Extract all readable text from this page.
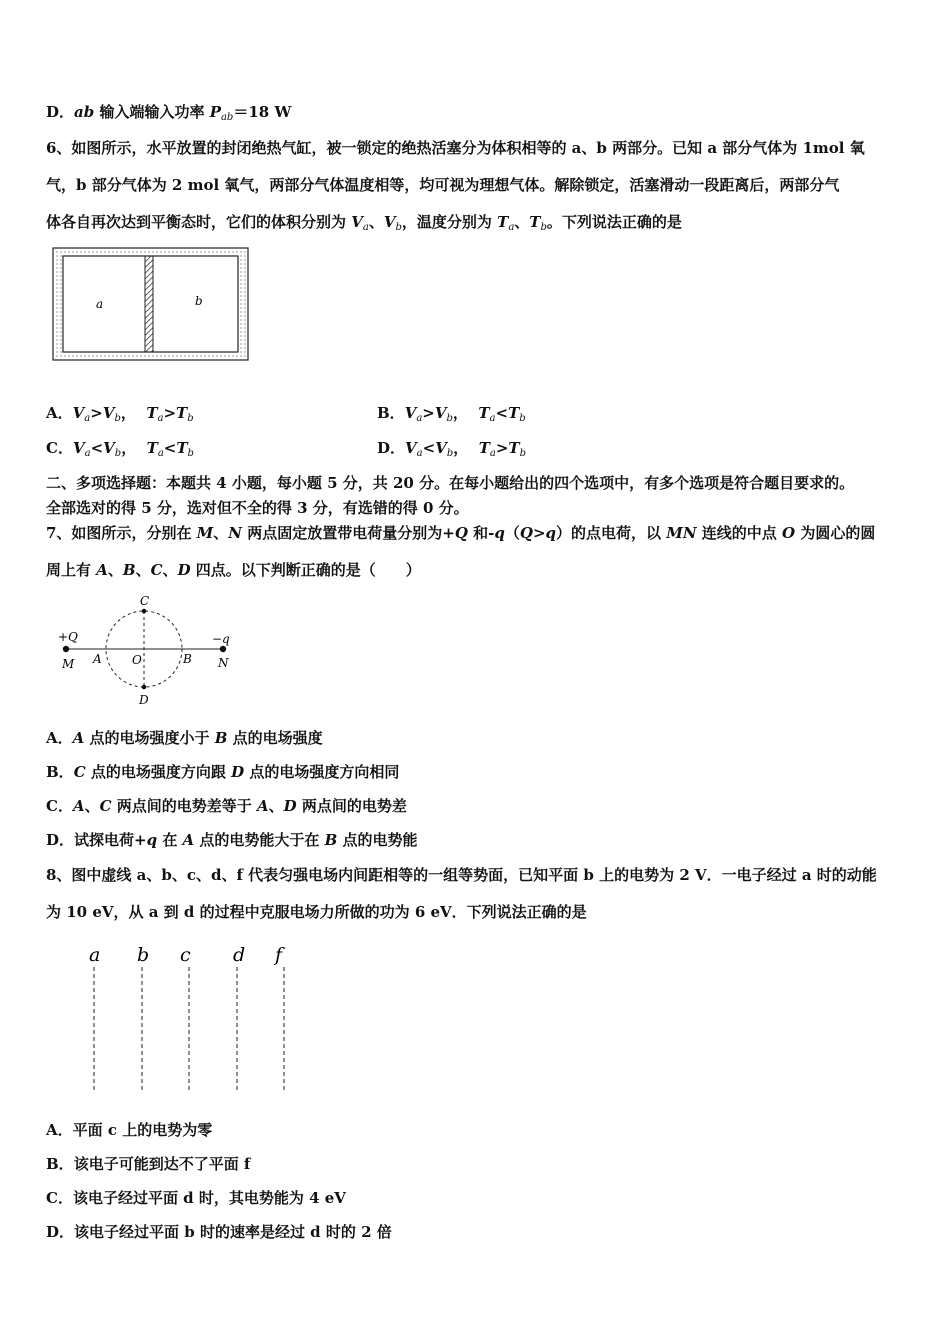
D．ab 输入端输入功率 $P_{ab}=18$ W
6、如图所示，水平放置的封闭绝热气缸，被一锁定的绝热活塞分为体积相等的 a、b 两部分。已知 a 部分气体为 1mol 氧
气，b 部分气体为 2 mol 氧气，两部分气体温度相等，均可视为理想气体。解除锁定，活塞滑动一段距离后，两部分气
体各自再次达到平衡态时，它们的体积分别为 $V_a$、$V_b$，温度分别为 $T_a$、$T_b$。下列说法正确的是
a	b
A．$V_a>V_b$，  $T_a>T_b$	B．$V_a>V_b$，  $T_a<T_b$
C．$V_a<V_b$，  $T_a<T_b$	D．$V_a<V_b$，  $T_a>T_b$
二、多项选择题：本题共 4 小题，每小题 5 分，共 20 分。在每小题给出的四个选项中，有多个选项是符合题目要求的。
全部选对的得 5 分，选对但不全的得 3 分，有选错的得 0 分。
7、如图所示，分别在 M、N 两点固定放置带电荷量分别为+Q 和-q（Q>q）的点电荷，以 MN 连线的中点 O 为圆心的圆
周上有 A、B、C、D 四点。以下判断正确的是（　　）
+Q	−q
M	N
A	O	B
C
D
A．A 点的电场强度小于 B 点的电场强度
B．C 点的电场强度方向跟 D 点的电场强度方向相同
C．A、C 两点间的电势差等于 A、D 两点间的电势差
D．试探电荷+q 在 A 点的电势能大于在 B 点的电势能
8、图中虚线 a、b、c、d、f 代表匀强电场内间距相等的一组等势面，已知平面 b 上的电势为 2 V．一电子经过 a 时的动能
为 10 eV，从 a 到 d 的过程中克服电场力所做的功为 6 eV．下列说法正确的是
a b c d f
A．平面 c 上的电势为零
B．该电子可能到达不了平面 f
C．该电子经过平面 d 时，其电势能为 4 eV
D．该电子经过平面 b 时的速率是经过 d 时的 2 倍
